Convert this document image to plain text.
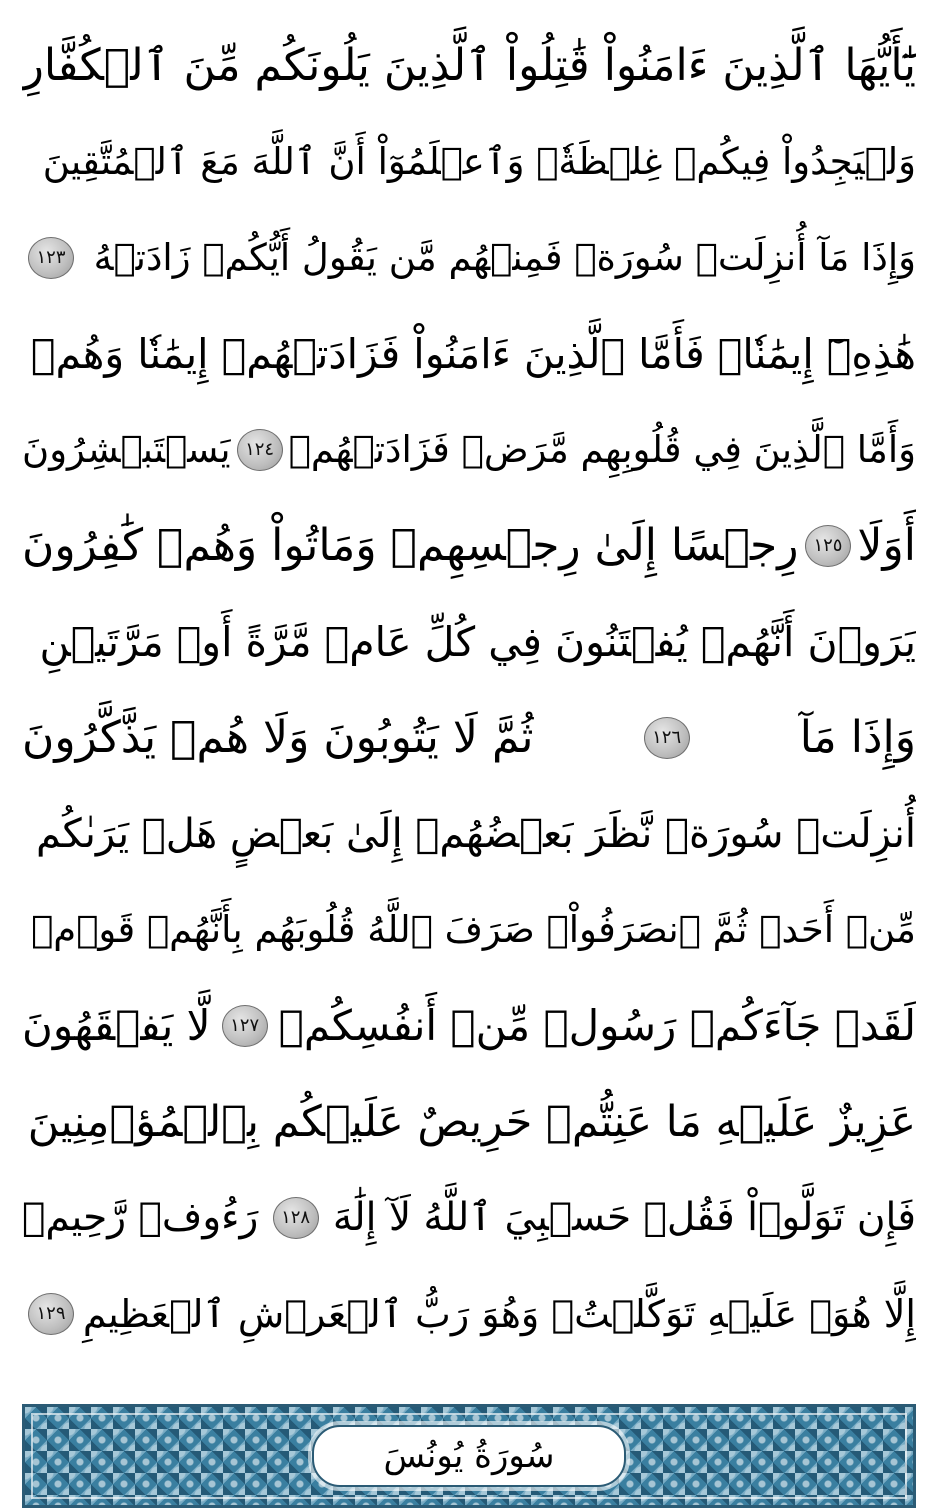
يَٰٓأَيُّهَا ٱلَّذِينَ ءَامَنُواْ قَٰتِلُواْ ٱلَّذِينَ يَلُونَكُم مِّنَ ٱلۡكُفَّارِ
وَلۡيَجِدُواْ فِيكُمۡ غِلۡظَةٗۚ وَٱعۡلَمُوٓاْ أَنَّ ٱللَّهَ مَعَ ٱلۡمُتَّقِينَ
وَإِذَا مَآ أُنزِلَتۡ سُورَةٞ فَمِنۡهُم مَّن يَقُولُ أَيُّكُمۡ زَادَتۡهُ
١٢٣
هَٰذِهِۦٓ إِيمَٰنٗاۚ فَأَمَّا ٱلَّذِينَ ءَامَنُواْ فَزَادَتۡهُمۡ إِيمَٰنٗا وَهُمۡ
وَأَمَّا ٱلَّذِينَ فِي قُلُوبِهِم مَّرَضٞ فَزَادَتۡهُمۡ
١٢٤
يَسۡتَبۡشِرُونَ
أَوَلَا
١٢٥
رِجۡسًا إِلَىٰ رِجۡسِهِمۡ وَمَاتُواْ وَهُمۡ كَٰفِرُونَ
يَرَوۡنَ أَنَّهُمۡ يُفۡتَنُونَ فِي كُلِّ عَامٖ مَّرَّةً أَوۡ مَرَّتَيۡنِ
وَإِذَا مَآ
١٢٦
ثُمَّ لَا يَتُوبُونَ وَلَا هُمۡ يَذَّكَّرُونَ
أُنزِلَتۡ سُورَةٞ نَّظَرَ بَعۡضُهُمۡ إِلَىٰ بَعۡضٍ هَلۡ يَرَىٰكُم
مِّنۡ أَحَدٖ ثُمَّ ٱنصَرَفُواْۚ صَرَفَ ٱللَّهُ قُلُوبَهُم بِأَنَّهُمۡ قَوۡمٞ
لَقَدۡ جَآءَكُمۡ رَسُولٞ مِّنۡ أَنفُسِكُمۡ
١٢٧
لَّا يَفۡقَهُونَ
عَزِيزٌ عَلَيۡهِ مَا عَنِتُّمۡ حَرِيصٌ عَلَيۡكُم بِٱلۡمُؤۡمِنِينَ
فَإِن تَوَلَّوۡاْ فَقُلۡ حَسۡبِيَ ٱللَّهُ لَآ إِلَٰهَ
١٢٨
رَءُوفٞ رَّحِيمٞ
إِلَّا هُوَۖ عَلَيۡهِ تَوَكَّلۡتُۖ وَهُوَ رَبُّ ٱلۡعَرۡشِ ٱلۡعَظِيمِ
١٢٩
سُورَةُ يُونُسَ
